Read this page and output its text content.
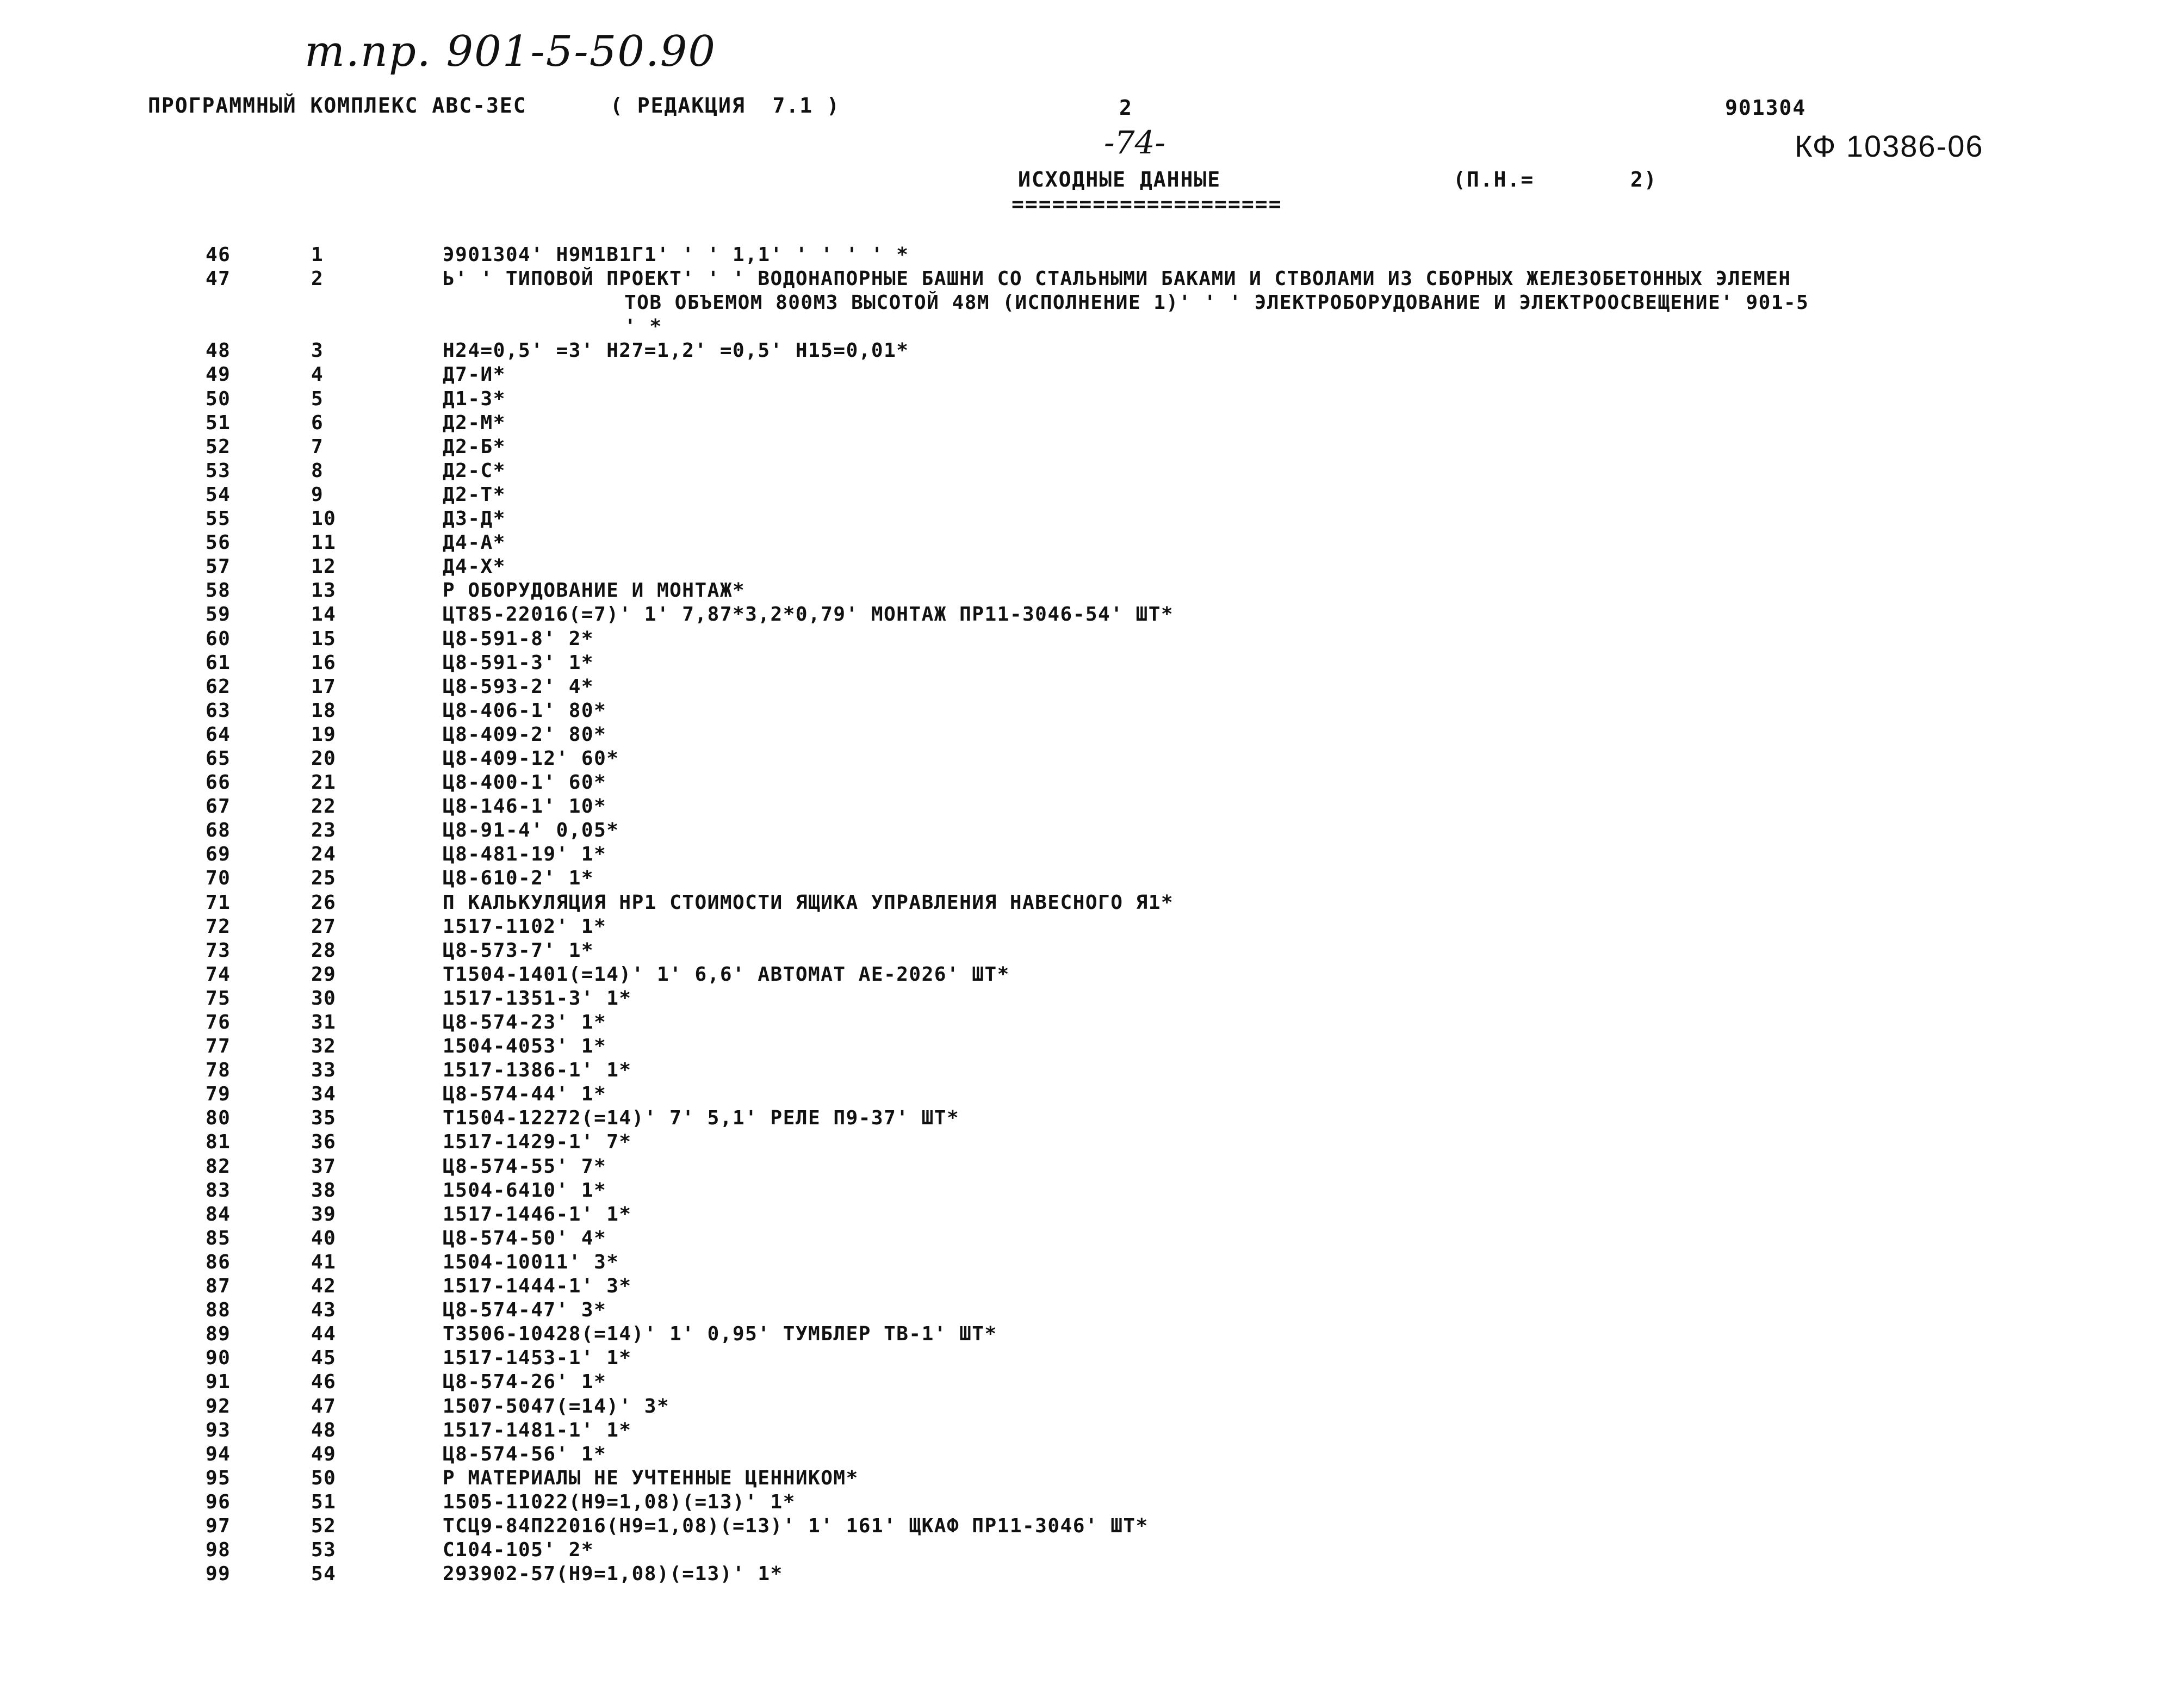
т.пр. 901-5-50.90
ПРОГРАММНЫЙ КОМПЛЕКС АВС-3ЕС	( РЕДАКЦИЯ  7.1 )	2	901304
-74-	КФ 10386-06
ИСХОДНЫЕ ДАННЫЕ
====================
(П.Н.=	2)
46	1	Э901304' Н9М1В1Г1' ' ' 1,1' ' ' ' ' *
47	2	Ь' ' ТИПОВОЙ ПРОЕКТ' ' ' ВОДОНАПОРНЫЕ БАШНИ СО СТАЛЬНЫМИ БАКАМИ И СТВОЛАМИ ИЗ СБОРНЫХ ЖЕЛЕЗОБЕТОННЫХ ЭЛЕМЕН
ТОВ ОБЪЕМОМ 800М3 ВЫСОТОЙ 48М (ИСПОЛНЕНИЕ 1)' ' ' ЭЛЕКТРОБОРУДОВАНИЕ И ЭЛЕКТРООСВЕЩЕНИЕ' 901-5
' *
48	3	Н24=0,5' =3' Н27=1,2' =0,5' Н15=0,01*
49	4	Д7-И*
50	5	Д1-З*
51	6	Д2-М*
52	7	Д2-Б*
53	8	Д2-С*
54	9	Д2-Т*
55	10	Д3-Д*
56	11	Д4-А*
57	12	Д4-Х*
58	13	Р ОБОРУДОВАНИЕ И МОНТАЖ*
59	14	ЦТ85-22016(=7)' 1' 7,87*3,2*0,79' МОНТАЖ ПР11-3046-54' ШТ*
60	15	Ц8-591-8' 2*
61	16	Ц8-591-3' 1*
62	17	Ц8-593-2' 4*
63	18	Ц8-406-1' 80*
64	19	Ц8-409-2' 80*
65	20	Ц8-409-12' 60*
66	21	Ц8-400-1' 60*
67	22	Ц8-146-1' 10*
68	23	Ц8-91-4' 0,05*
69	24	Ц8-481-19' 1*
70	25	Ц8-610-2' 1*
71	26	П КАЛЬКУЛЯЦИЯ НР1 СТОИМОСТИ ЯЩИКА УПРАВЛЕНИЯ НАВЕСНОГО Я1*
72	27	1517-1102' 1*
73	28	Ц8-573-7' 1*
74	29	Т1504-1401(=14)' 1' 6,6' АВТОМАТ АЕ-2026' ШТ*
75	30	1517-1351-3' 1*
76	31	Ц8-574-23' 1*
77	32	1504-4053' 1*
78	33	1517-1386-1' 1*
79	34	Ц8-574-44' 1*
80	35	Т1504-12272(=14)' 7' 5,1' РЕЛЕ П9-37' ШТ*
81	36	1517-1429-1' 7*
82	37	Ц8-574-55' 7*
83	38	1504-6410' 1*
84	39	1517-1446-1' 1*
85	40	Ц8-574-50' 4*
86	41	1504-10011' 3*
87	42	1517-1444-1' 3*
88	43	Ц8-574-47' 3*
89	44	Т3506-10428(=14)' 1' 0,95' ТУМБЛЕР ТВ-1' ШТ*
90	45	1517-1453-1' 1*
91	46	Ц8-574-26' 1*
92	47	1507-5047(=14)' 3*
93	48	1517-1481-1' 1*
94	49	Ц8-574-56' 1*
95	50	Р МАТЕРИАЛЫ НЕ УЧТЕННЫЕ ЦЕННИКОМ*
96	51	1505-11022(Н9=1,08)(=13)' 1*
97	52	ТСЦ9-84П22016(Н9=1,08)(=13)' 1' 161' ЩКАФ ПР11-3046' ШТ*
98	53	С104-105' 2*
99	54	293902-57(Н9=1,08)(=13)' 1*
